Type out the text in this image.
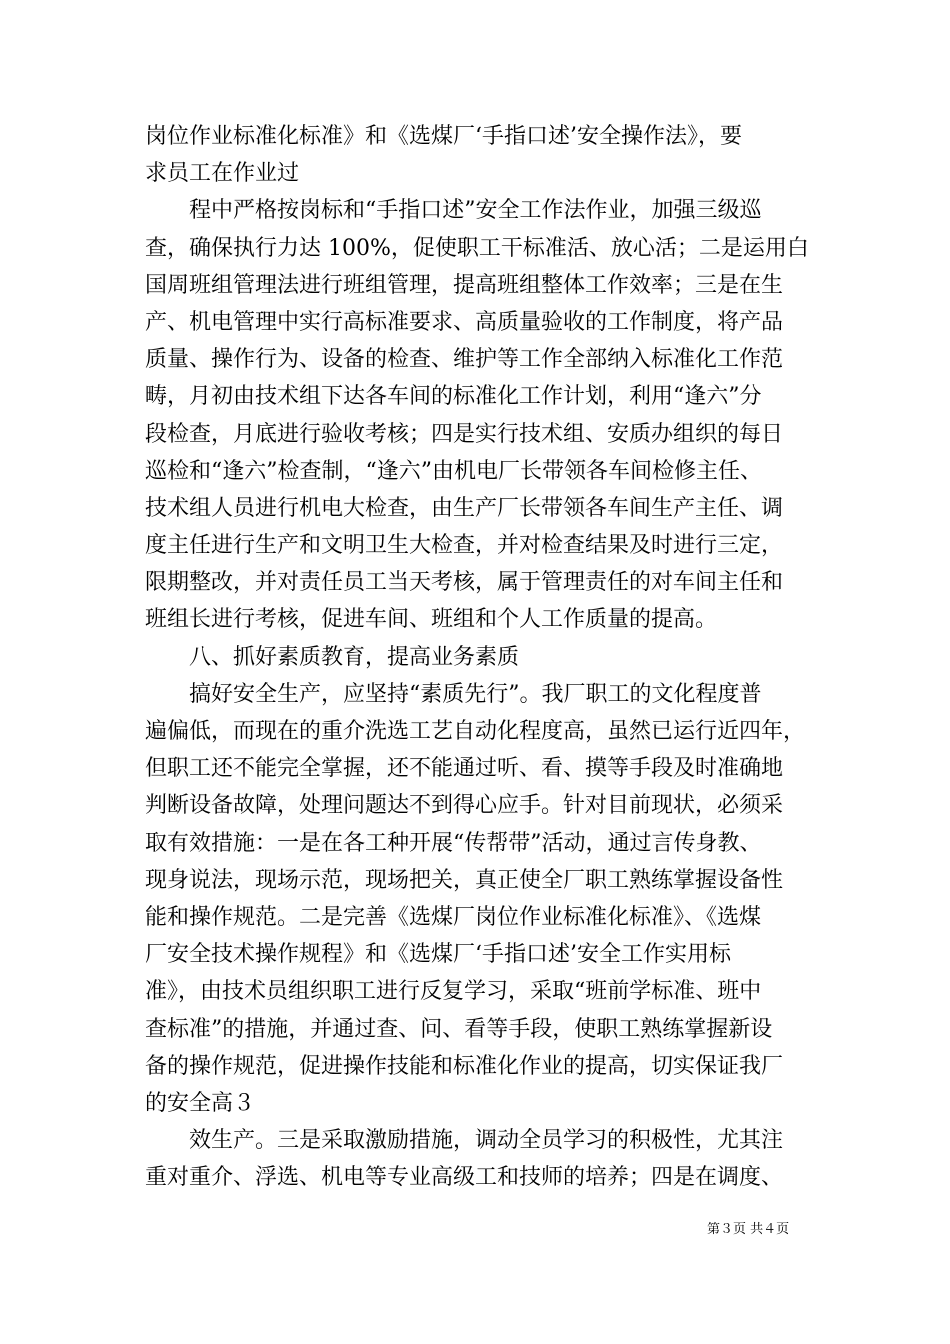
岗位作业标准化标准》和《选煤厂‘手指口述’安全操作法》，要
求员工在作业过
　　程中严格按岗标和“手指口述”安全工作法作业，加强三级巡
查，确保执行力达 100%，促使职工干标准活、放心活；二是运用白
国周班组管理法进行班组管理，提高班组整体工作效率；三是在生
产、机电管理中实行高标准要求、高质量验收的工作制度，将产品
质量、操作行为、设备的检查、维护等工作全部纳入标准化工作范
畴，月初由技术组下达各车间的标准化工作计划，利用“逢六”分
段检查，月底进行验收考核；四是实行技术组、安质办组织的每日
巡检和“逢六”检查制，“逢六”由机电厂长带领各车间检修主任、
技术组人员进行机电大检查，由生产厂长带领各车间生产主任、调
度主任进行生产和文明卫生大检查，并对检查结果及时进行三定，
限期整改，并对责任员工当天考核，属于管理责任的对车间主任和
班组长进行考核，促进车间、班组和个人工作质量的提高。
　　八、抓好素质教育，提高业务素质
　　搞好安全生产，应坚持“素质先行”。我厂职工的文化程度普
遍偏低，而现在的重介洗选工艺自动化程度高，虽然已运行近四年，
但职工还不能完全掌握，还不能通过听、看、摸等手段及时准确地
判断设备故障，处理问题达不到得心应手。针对目前现状，必须采
取有效措施：一是在各工种开展“传帮带”活动，通过言传身教、
现身说法，现场示范，现场把关，真正使全厂职工熟练掌握设备性
能和操作规范。二是完善《选煤厂岗位作业标准化标准》、《选煤
厂安全技术操作规程》和《选煤厂‘手指口述’安全工作实用标
准》，由技术员组织职工进行反复学习，采取“班前学标准、班中
查标准”的措施，并通过查、问、看等手段，使职工熟练掌握新设
备的操作规范，促进操作技能和标准化作业的提高，切实保证我厂
的安全高３
　　效生产。三是采取激励措施，调动全员学习的积极性，尤其注
重对重介、浮选、机电等专业高级工和技师的培养；四是在调度、
第３页 共４页
